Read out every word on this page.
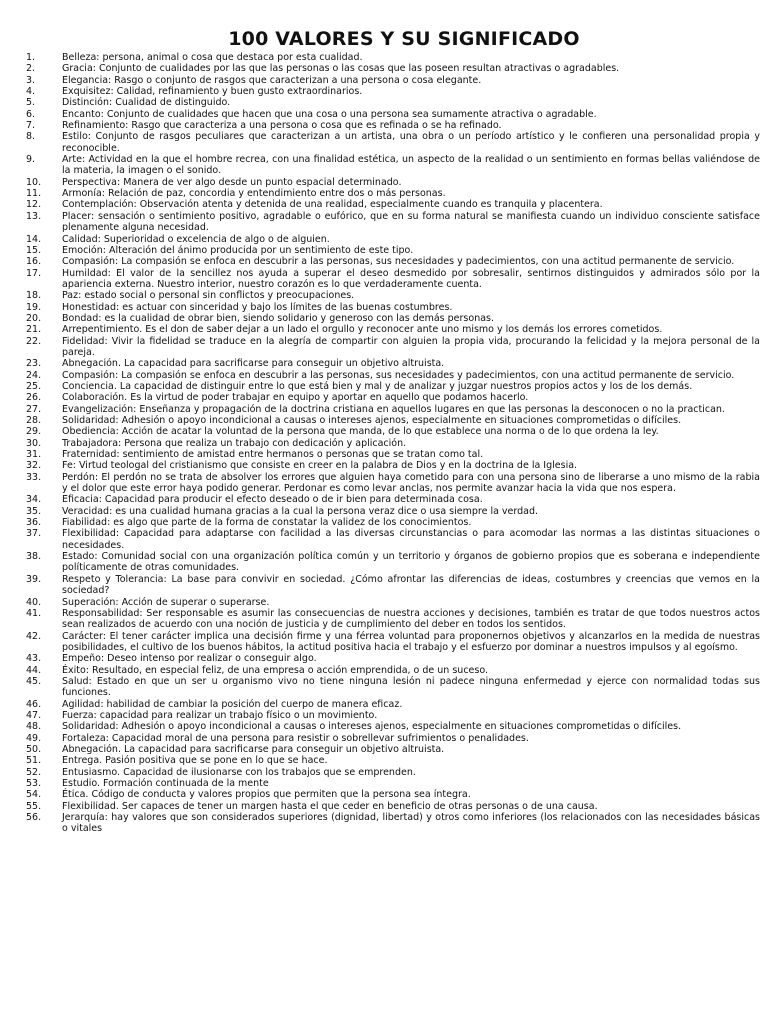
100 VALORES Y SU SIGNIFICADO
1.	Belleza: persona, animal o cosa que destaca por esta cualidad.
2.	Gracia: Conjunto de cualidades por las que las personas o las cosas que las poseen resultan atractivas o agradables.
3.	Elegancia: Rasgo o conjunto de rasgos que caracterizan a una persona o cosa elegante.
4.	Exquisitez: Calidad, refinamiento y buen gusto extraordinarios.
5.	Distinción: Cualidad de distinguido.
6.	Encanto: Conjunto de cualidades que hacen que una cosa o una persona sea sumamente atractiva o agradable.
7.	Refinamiento: Rasgo que caracteriza a una persona o cosa que es refinada o se ha refinado.
8.	Estilo: Conjunto de rasgos peculiares que caracterizan a un artista, una obra o un período artístico y le confieren una personalidad propia y reconocible.
9.	Arte: Actividad en la que el hombre recrea, con una finalidad estética, un aspecto de la realidad o un sentimiento en formas bellas valiéndose de la materia, la imagen o el sonido.
10.	Perspectiva: Manera de ver algo desde un punto espacial determinado.
11.	Armonía: Relación de paz, concordia y entendimiento entre dos o más personas.
12.	Contemplación: Observación atenta y detenida de una realidad, especialmente cuando es tranquila y placentera.
13.	Placer: sensación o sentimiento positivo, agradable o eufórico, que en su forma natural se manifiesta cuando un individuo consciente satisface plenamente alguna necesidad.
14.	Calidad: Superioridad o excelencia de algo o de alguien.
15.	Emoción: Alteración del ánimo producida por un sentimiento de este tipo.
16.	Compasión: La compasión se enfoca en descubrir a las personas, sus necesidades y padecimientos, con una actitud permanente de servicio.
17.	Humildad: El valor de la sencillez nos ayuda a superar el deseo desmedido por sobresalir, sentirnos distinguidos y admirados sólo por la apariencia externa. Nuestro interior, nuestro corazón es lo que verdaderamente cuenta.
18.	Paz: estado social o personal sin conflictos y preocupaciones.
19.	Honestidad: es actuar con sinceridad y bajo los límites de las buenas costumbres.
20.	Bondad: es la cualidad de obrar bien, siendo solidario y generoso con las demás personas.
21.	Arrepentimiento. Es el don de saber dejar a un lado el orgullo y reconocer ante uno mismo y los demás los errores cometidos.
22.	Fidelidad: Vivir la fidelidad se traduce en la alegría de compartir con alguien la propia vida, procurando la felicidad y la mejora personal de la pareja.
23.	Abnegación. La capacidad para sacrificarse para conseguir un objetivo altruista.
24.	Compasión: La compasión se enfoca en descubrir a las personas, sus necesidades y padecimientos, con una actitud permanente de servicio.
25.	Conciencia. La capacidad de distinguir entre lo que está bien y mal y de analizar y juzgar nuestros propios actos y los de los demás.
26.	Colaboración. Es la virtud de poder trabajar en equipo y aportar en aquello que podamos hacerlo.
27.	Evangelización: Enseñanza y propagación de la doctrina cristiana en aquellos lugares en que las personas la desconocen o no la practican.
28.	Solidaridad: Adhesión o apoyo incondicional a causas o intereses ajenos, especialmente en situaciones comprometidas o difíciles.
29.	Obediencia: Acción de acatar la voluntad de la persona que manda, de lo que establece una norma o de lo que ordena la ley.
30.	Trabajadora: Persona que realiza un trabajo con dedicación y aplicación.
31.	Fraternidad: sentimiento de amistad entre hermanos o personas que se tratan como tal.
32.	Fe: Virtud teologal del cristianismo que consiste en creer en la palabra de Dios y en la doctrina de la Iglesia.
33.	Perdón: El perdón no se trata de absolver los errores que alguien haya cometido para con una persona sino de liberarse a uno mismo de la rabia y el dolor que este error haya podido generar. Perdonar es como levar anclas, nos permite avanzar hacia la vida que nos espera.
34.	Eficacia: Capacidad para producir el efecto deseado o de ir bien para determinada cosa.
35.	Veracidad: es una cualidad humana gracias a la cual la persona veraz dice o usa siempre la verdad.
36.	Fiabilidad: es algo que parte de la forma de constatar la validez de los conocimientos.
37.	Flexibilidad: Capacidad para adaptarse con facilidad a las diversas circunstancias o para acomodar las normas a las distintas situaciones o necesidades.
38.	Estado: Comunidad social con una organización política común y un territorio y órganos de gobierno propios que es soberana e independiente políticamente de otras comunidades.
39.	Respeto y Tolerancia: La base para convivir en sociedad. ¿Cómo afrontar las diferencias de ideas, costumbres y creencias que vemos en la sociedad?
40.	Superación: Acción de superar o superarse.
41.	Responsabilidad: Ser responsable es asumir las consecuencias de nuestra acciones y decisiones, también es tratar de que todos nuestros actos sean realizados de acuerdo con una noción de justicia y de cumplimiento del deber en todos los sentidos.
42.	Carácter: El tener carácter implica una decisión firme y una férrea voluntad para proponernos objetivos y alcanzarlos en la medida de nuestras posibilidades, el cultivo de los buenos hábitos, la actitud positiva hacia el trabajo y el esfuerzo por dominar a nuestros impulsos y al egoísmo.
43.	Empeño: Deseo intenso por realizar o conseguir algo.
44.	Éxito: Resultado, en especial feliz, de una empresa o acción emprendida, o de un suceso.
45.	Salud: Estado en que un ser u organismo vivo no tiene ninguna lesión ni padece ninguna enfermedad y ejerce con normalidad todas sus funciones.
46.	Agilidad: habilidad de cambiar la posición del cuerpo de manera eficaz.
47.	Fuerza: capacidad para realizar un trabajo físico o un movimiento.
48.	Solidaridad: Adhesión o apoyo incondicional a causas o intereses ajenos, especialmente en situaciones comprometidas o difíciles.
49.	Fortaleza: Capacidad moral de una persona para resistir o sobrellevar sufrimientos o penalidades.
50.	Abnegación. La capacidad para sacrificarse para conseguir un objetivo altruista.
51.	Entrega. Pasión positiva que se pone en lo que se hace.
52.	Entusiasmo. Capacidad de ilusionarse con los trabajos que se emprenden.
53.	Estudio. Formación continuada de la mente
54.	Ética. Código de conducta y valores propios que permiten que la persona sea íntegra.
55.	Flexibilidad. Ser capaces de tener un margen hasta el que ceder en beneficio de otras personas o de una causa.
56.	Jerarquía: hay valores que son considerados superiores (dignidad, libertad) y otros como inferiores (los relacionados con las necesidades básicas o vitales
